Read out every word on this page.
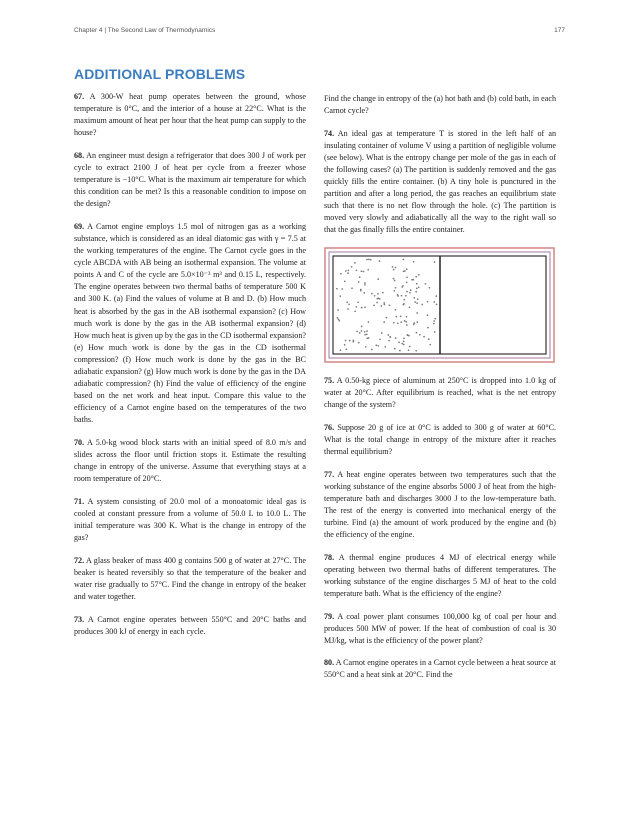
Chapter 4 | The Second Law of Thermodynamics	177
ADDITIONAL PROBLEMS
67. A 300-W heat pump operates between the ground, whose temperature is 0°C, and the interior of a house at 22°C. What is the maximum amount of heat per hour that the heat pump can supply to the house?
68. An engineer must design a refrigerator that does 300 J of work per cycle to extract 2100 J of heat per cycle from a freezer whose temperature is −10°C. What is the maximum air temperature for which this condition can be met? Is this a reasonable condition to impose on the design?
69. A Carnot engine employs 1.5 mol of nitrogen gas as a working substance, which is considered as an ideal diatomic gas with γ = 7.5 at the working temperatures of the engine. The Carnot cycle goes in the cycle ABCDA with AB being an isothermal expansion. The volume at points A and C of the cycle are 5.0×10⁻³ m³ and 0.15 L, respectively. The engine operates between two thermal baths of temperature 500 K and 300 K. (a) Find the values of volume at B and D. (b) How much heat is absorbed by the gas in the AB isothermal expansion? (c) How much work is done by the gas in the AB isothermal expansion? (d) How much heat is given up by the gas in the CD isothermal expansion? (e) How much work is done by the gas in the CD isothermal compression? (f) How much work is done by the gas in the BC adiabatic expansion? (g) How much work is done by the gas in the DA adiabatic compression? (h) Find the value of efficiency of the engine based on the net work and heat input. Compare this value to the efficiency of a Carnot engine based on the temperatures of the two baths.
70. A 5.0-kg wood block starts with an initial speed of 8.0 m/s and slides across the floor until friction stops it. Estimate the resulting change in entropy of the universe. Assume that everything stays at a room temperature of 20°C.
71. A system consisting of 20.0 mol of a monoatomic ideal gas is cooled at constant pressure from a volume of 50.0 L to 10.0 L. The initial temperature was 300 K. What is the change in entropy of the gas?
72. A glass beaker of mass 400 g contains 500 g of water at 27°C. The beaker is heated reversibly so that the temperature of the beaker and water rise gradually to 57°C. Find the change in entropy of the beaker and water together.
73. A Carnot engine operates between 550°C and 20°C baths and produces 300 kJ of energy in each cycle.
Find the change in entropy of the (a) hot bath and (b) cold bath, in each Carnot cycle?
74. An ideal gas at temperature T is stored in the left half of an insulating container of volume V using a partition of negligible volume (see below). What is the entropy change per mole of the gas in each of the following cases? (a) The partition is suddenly removed and the gas quickly fills the entire container. (b) A tiny hole is punctured in the partition and after a long period, the gas reaches an equilibrium state such that there is no net flow through the hole. (c) The partition is moved very slowly and adiabatically all the way to the right wall so that the gas finally fills the entire container.
75. A 0.50-kg piece of aluminum at 250°C is dropped into 1.0 kg of water at 20°C. After equilibrium is reached, what is the net entropy change of the system?
76. Suppose 20 g of ice at 0°C is added to 300 g of water at 60°C. What is the total change in entropy of the mixture after it reaches thermal equilibrium?
77. A heat engine operates between two temperatures such that the working substance of the engine absorbs 5000 J of heat from the high-temperature bath and discharges 3000 J to the low-temperature bath. The rest of the energy is converted into mechanical energy of the turbine. Find (a) the amount of work produced by the engine and (b) the efficiency of the engine.
78. A thermal engine produces 4 MJ of electrical energy while operating between two thermal baths of different temperatures. The working substance of the engine discharges 5 MJ of heat to the cold temperature bath. What is the efficiency of the engine?
79. A coal power plant consumes 100,000 kg of coal per hour and produces 500 MW of power. If the heat of combustion of coal is 30 MJ/kg, what is the efficiency of the power plant?
80. A Carnot engine operates in a Carnot cycle between a heat source at 550°C and a heat sink at 20°C. Find the
